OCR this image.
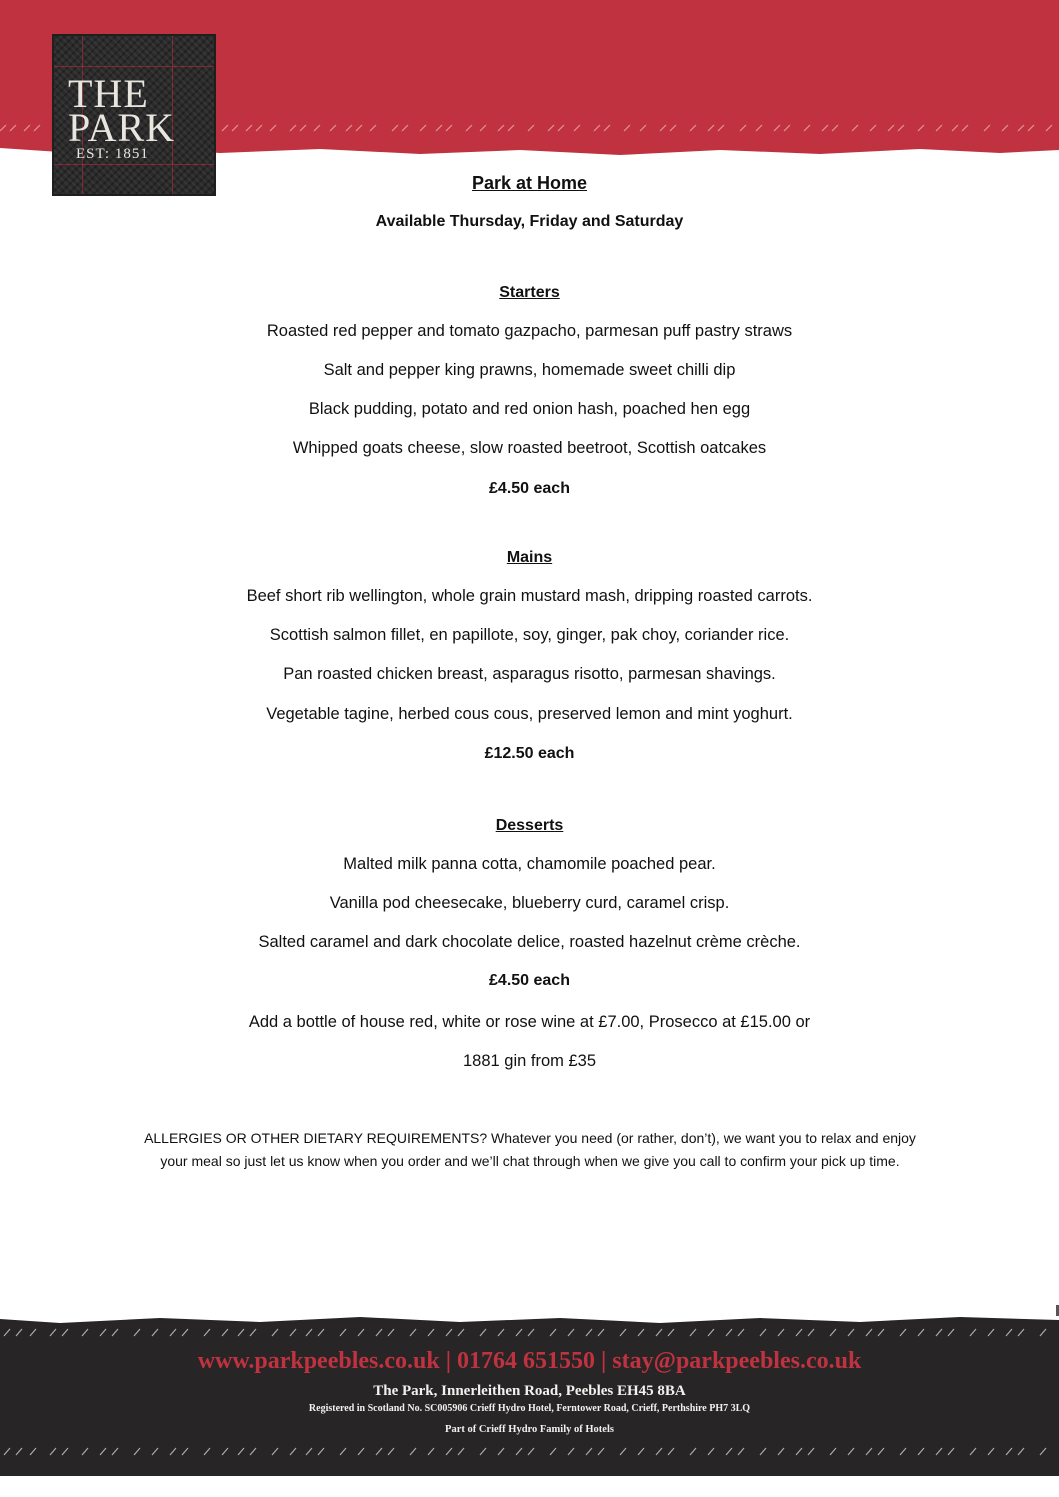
THE
PARK
EST: 1851
Park at Home
Available Thursday, Friday and Saturday
Starters
Roasted red pepper and tomato gazpacho, parmesan puff pastry straws
Salt and pepper king prawns, homemade sweet chilli dip
Black pudding, potato and red onion hash, poached hen egg
Whipped goats cheese, slow roasted beetroot, Scottish oatcakes
£4.50 each
Mains
Beef short rib wellington, whole grain mustard mash, dripping roasted carrots.
Scottish salmon fillet, en papillote, soy, ginger, pak choy, coriander rice.
Pan roasted chicken breast, asparagus risotto, parmesan shavings.
Vegetable tagine, herbed cous cous, preserved lemon and mint yoghurt.
£12.50 each
Desserts
Malted milk panna cotta, chamomile poached pear.
Vanilla pod cheesecake, blueberry curd, caramel crisp.
Salted caramel and dark chocolate delice, roasted hazelnut crème crèche.
£4.50 each
Add a bottle of house red, white or rose wine at £7.00, Prosecco at £15.00 or
1881 gin from £35
ALLERGIES OR OTHER DIETARY REQUIREMENTS? Whatever you need (or rather, don’t), we want you to relax and enjoy your meal so just let us know when you order and we’ll chat through when we give you call to confirm your pick up time.
www.parkpeebles.co.uk | 01764 651550 | stay@parkpeebles.co.uk
The Park, Innerleithen Road, Peebles EH45 8BA
Registered in Scotland No. SC005906 Crieff Hydro Hotel, Ferntower Road, Crieff, Perthshire PH7 3LQ
Part of Crieff Hydro Family of Hotels
